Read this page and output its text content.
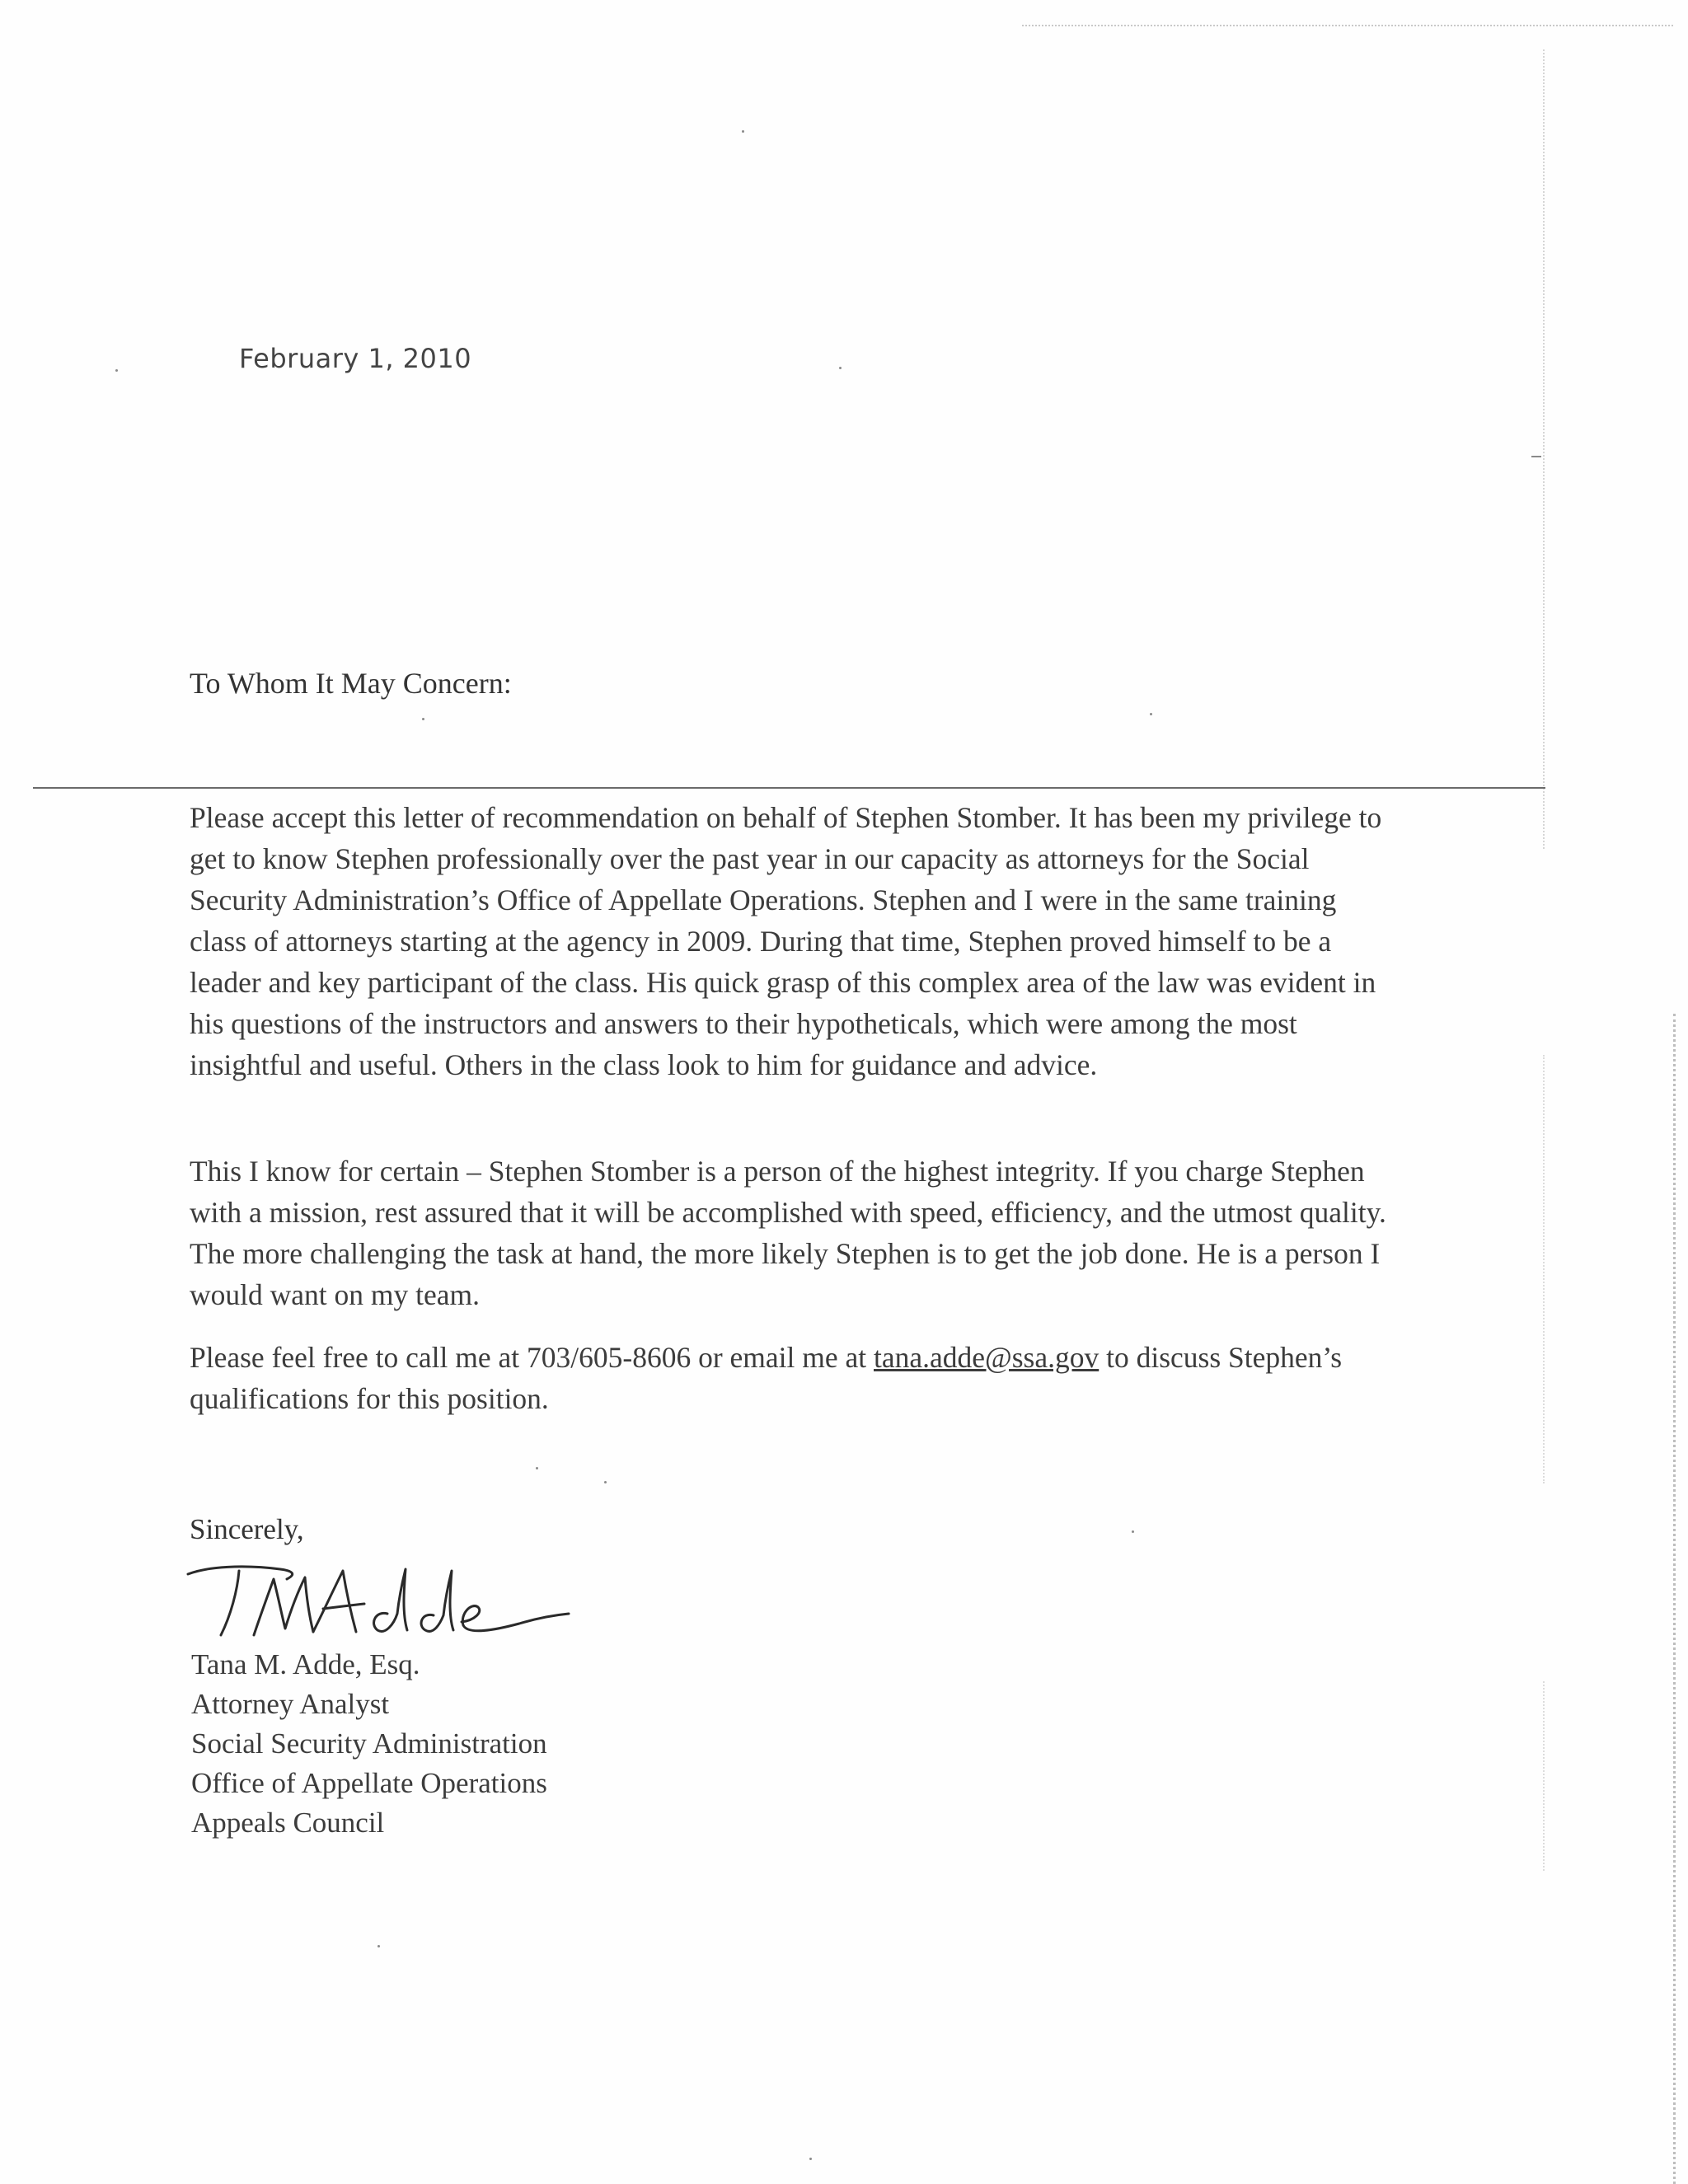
February 1, 2010
To Whom It May Concern:

Please accept this letter of recommendation on behalf of Stephen Stomber. It has been my privilege to get to know Stephen professionally over the past year in our capacity as attorneys for the Social Security Administration’s Office of Appellate Operations. Stephen and I were in the same training class of attorneys starting at the agency in 2009. During that time, Stephen proved himself to be a leader and key participant of the class. His quick grasp of this complex area of the law was evident in his questions of the instructors and answers to their hypotheticals, which were among the most insightful and useful. Others in the class look to him for guidance and advice.

This I know for certain – Stephen Stomber is a person of the highest integrity. If you charge Stephen with a mission, rest assured that it will be accomplished with speed, efficiency, and the utmost quality. The more challenging the task at hand, the more likely Stephen is to get the job done. He is a person I would want on my team.

Please feel free to call me at 703/605-8606 or email me at tana.adde@ssa.gov to discuss Stephen’s qualifications for this position.

Sincerely,
Tana M. Adde, Esq.
Attorney Analyst
Social Security Administration
Office of Appellate Operations
Appeals Council
